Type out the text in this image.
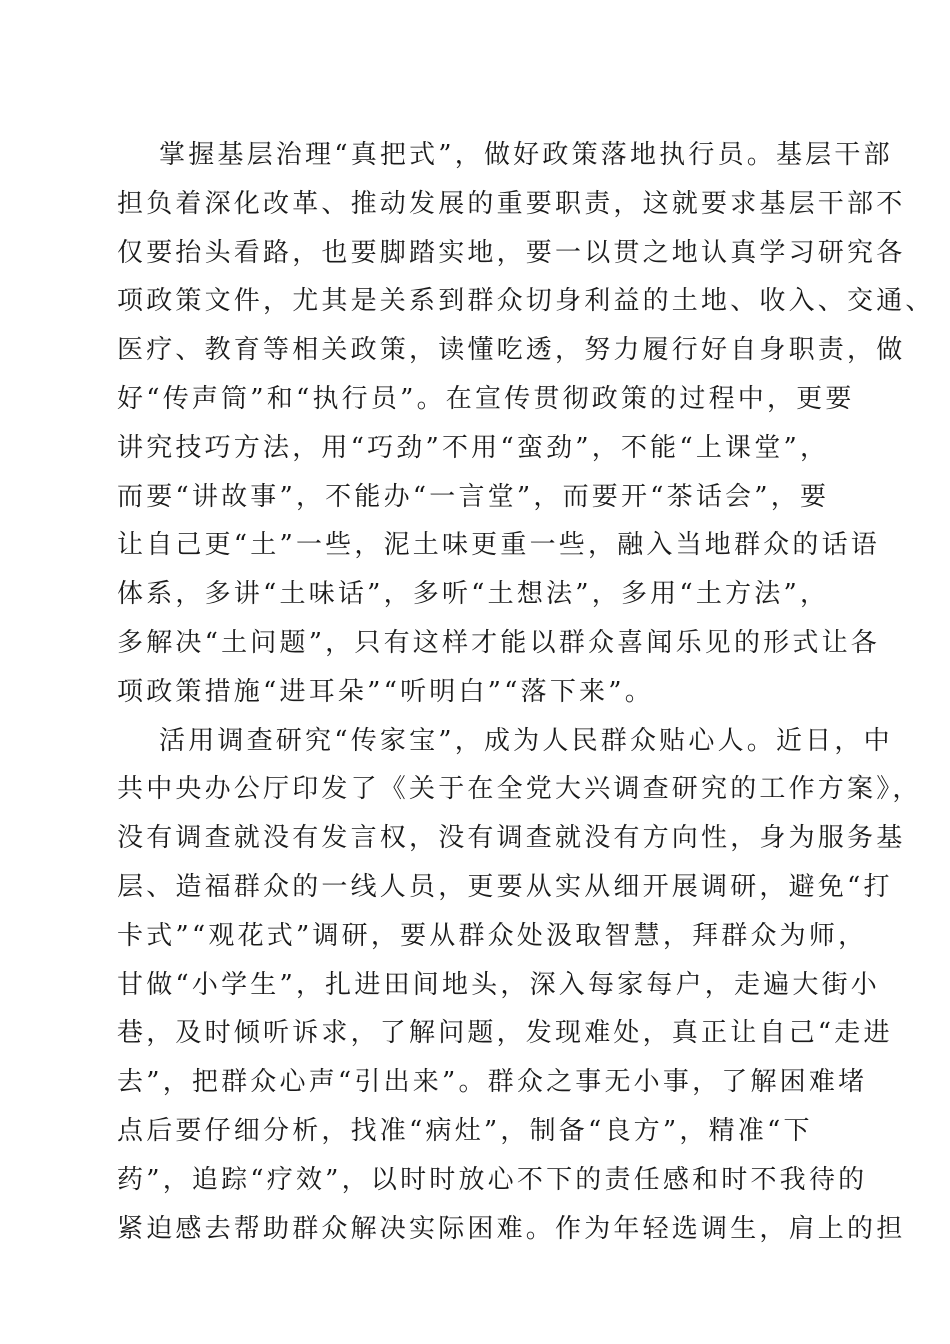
掌握基层治理“真把式”，做好政策落地执行员。基层干部
担负着深化改革、推动发展的重要职责，这就要求基层干部不
仅要抬头看路，也要脚踏实地，要一以贯之地认真学习研究各
项政策文件，尤其是关系到群众切身利益的土地、收入、交通、
医疗、教育等相关政策，读懂吃透，努力履行好自身职责，做
好“传声筒”和“执行员”。在宣传贯彻政策的过程中，更要
讲究技巧方法，用“巧劲”不用“蛮劲”，不能“上课堂”，
而要“讲故事”，不能办“一言堂”，而要开“茶话会”，要
让自己更“土”一些，泥土味更重一些，融入当地群众的话语
体系，多讲“土味话”，多听“土想法”，多用“土方法”，
多解决“土问题”，只有这样才能以群众喜闻乐见的形式让各
项政策措施“进耳朵”“听明白”“落下来”。
活用调查研究“传家宝”，成为人民群众贴心人。近日，中
共中央办公厅印发了《关于在全党大兴调查研究的工作方案》，
没有调查就没有发言权，没有调查就没有方向性，身为服务基
层、造福群众的一线人员，更要从实从细开展调研，避免“打
卡式”“观花式”调研，要从群众处汲取智慧，拜群众为师，
甘做“小学生”，扎进田间地头，深入每家每户，走遍大街小
巷，及时倾听诉求，了解问题，发现难处，真正让自己“走进
去”，把群众心声“引出来”。群众之事无小事，了解困难堵
点后要仔细分析，找准“病灶”，制备“良方”，精准“下
药”，追踪“疗效”，以时时放心不下的责任感和时不我待的
紧迫感去帮助群众解决实际困难。作为年轻选调生，肩上的担
